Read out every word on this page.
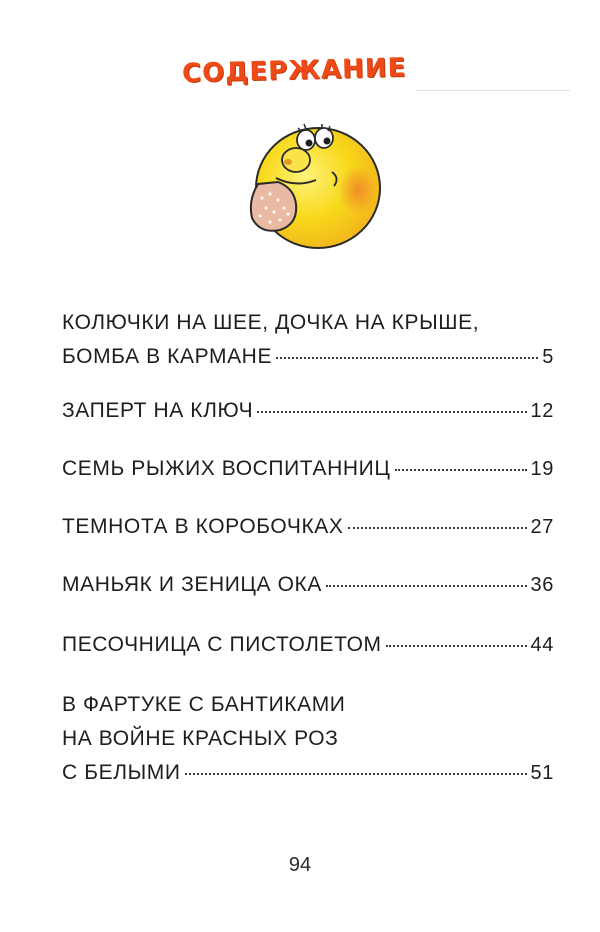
СОДЕРЖАНИЕ
КОЛЮЧКИ НА ШЕЕ, ДОЧКА НА КРЫШЕ,
БОМБА В КАРМАНЕ	5
ЗАПЕРТ НА КЛЮЧ	12
СЕМЬ РЫЖИХ ВОСПИТАННИЦ	19
ТЕМНОТА В КОРОБОЧКАХ	27
МАНЬЯК И ЗЕНИЦА ОКА	36
ПЕСОЧНИЦА С ПИСТОЛЕТОМ	44
В ФАРТУКЕ С БАНТИКАМИ
НА ВОЙНЕ КРАСНЫХ РОЗ
С БЕЛЫМИ	51
94
